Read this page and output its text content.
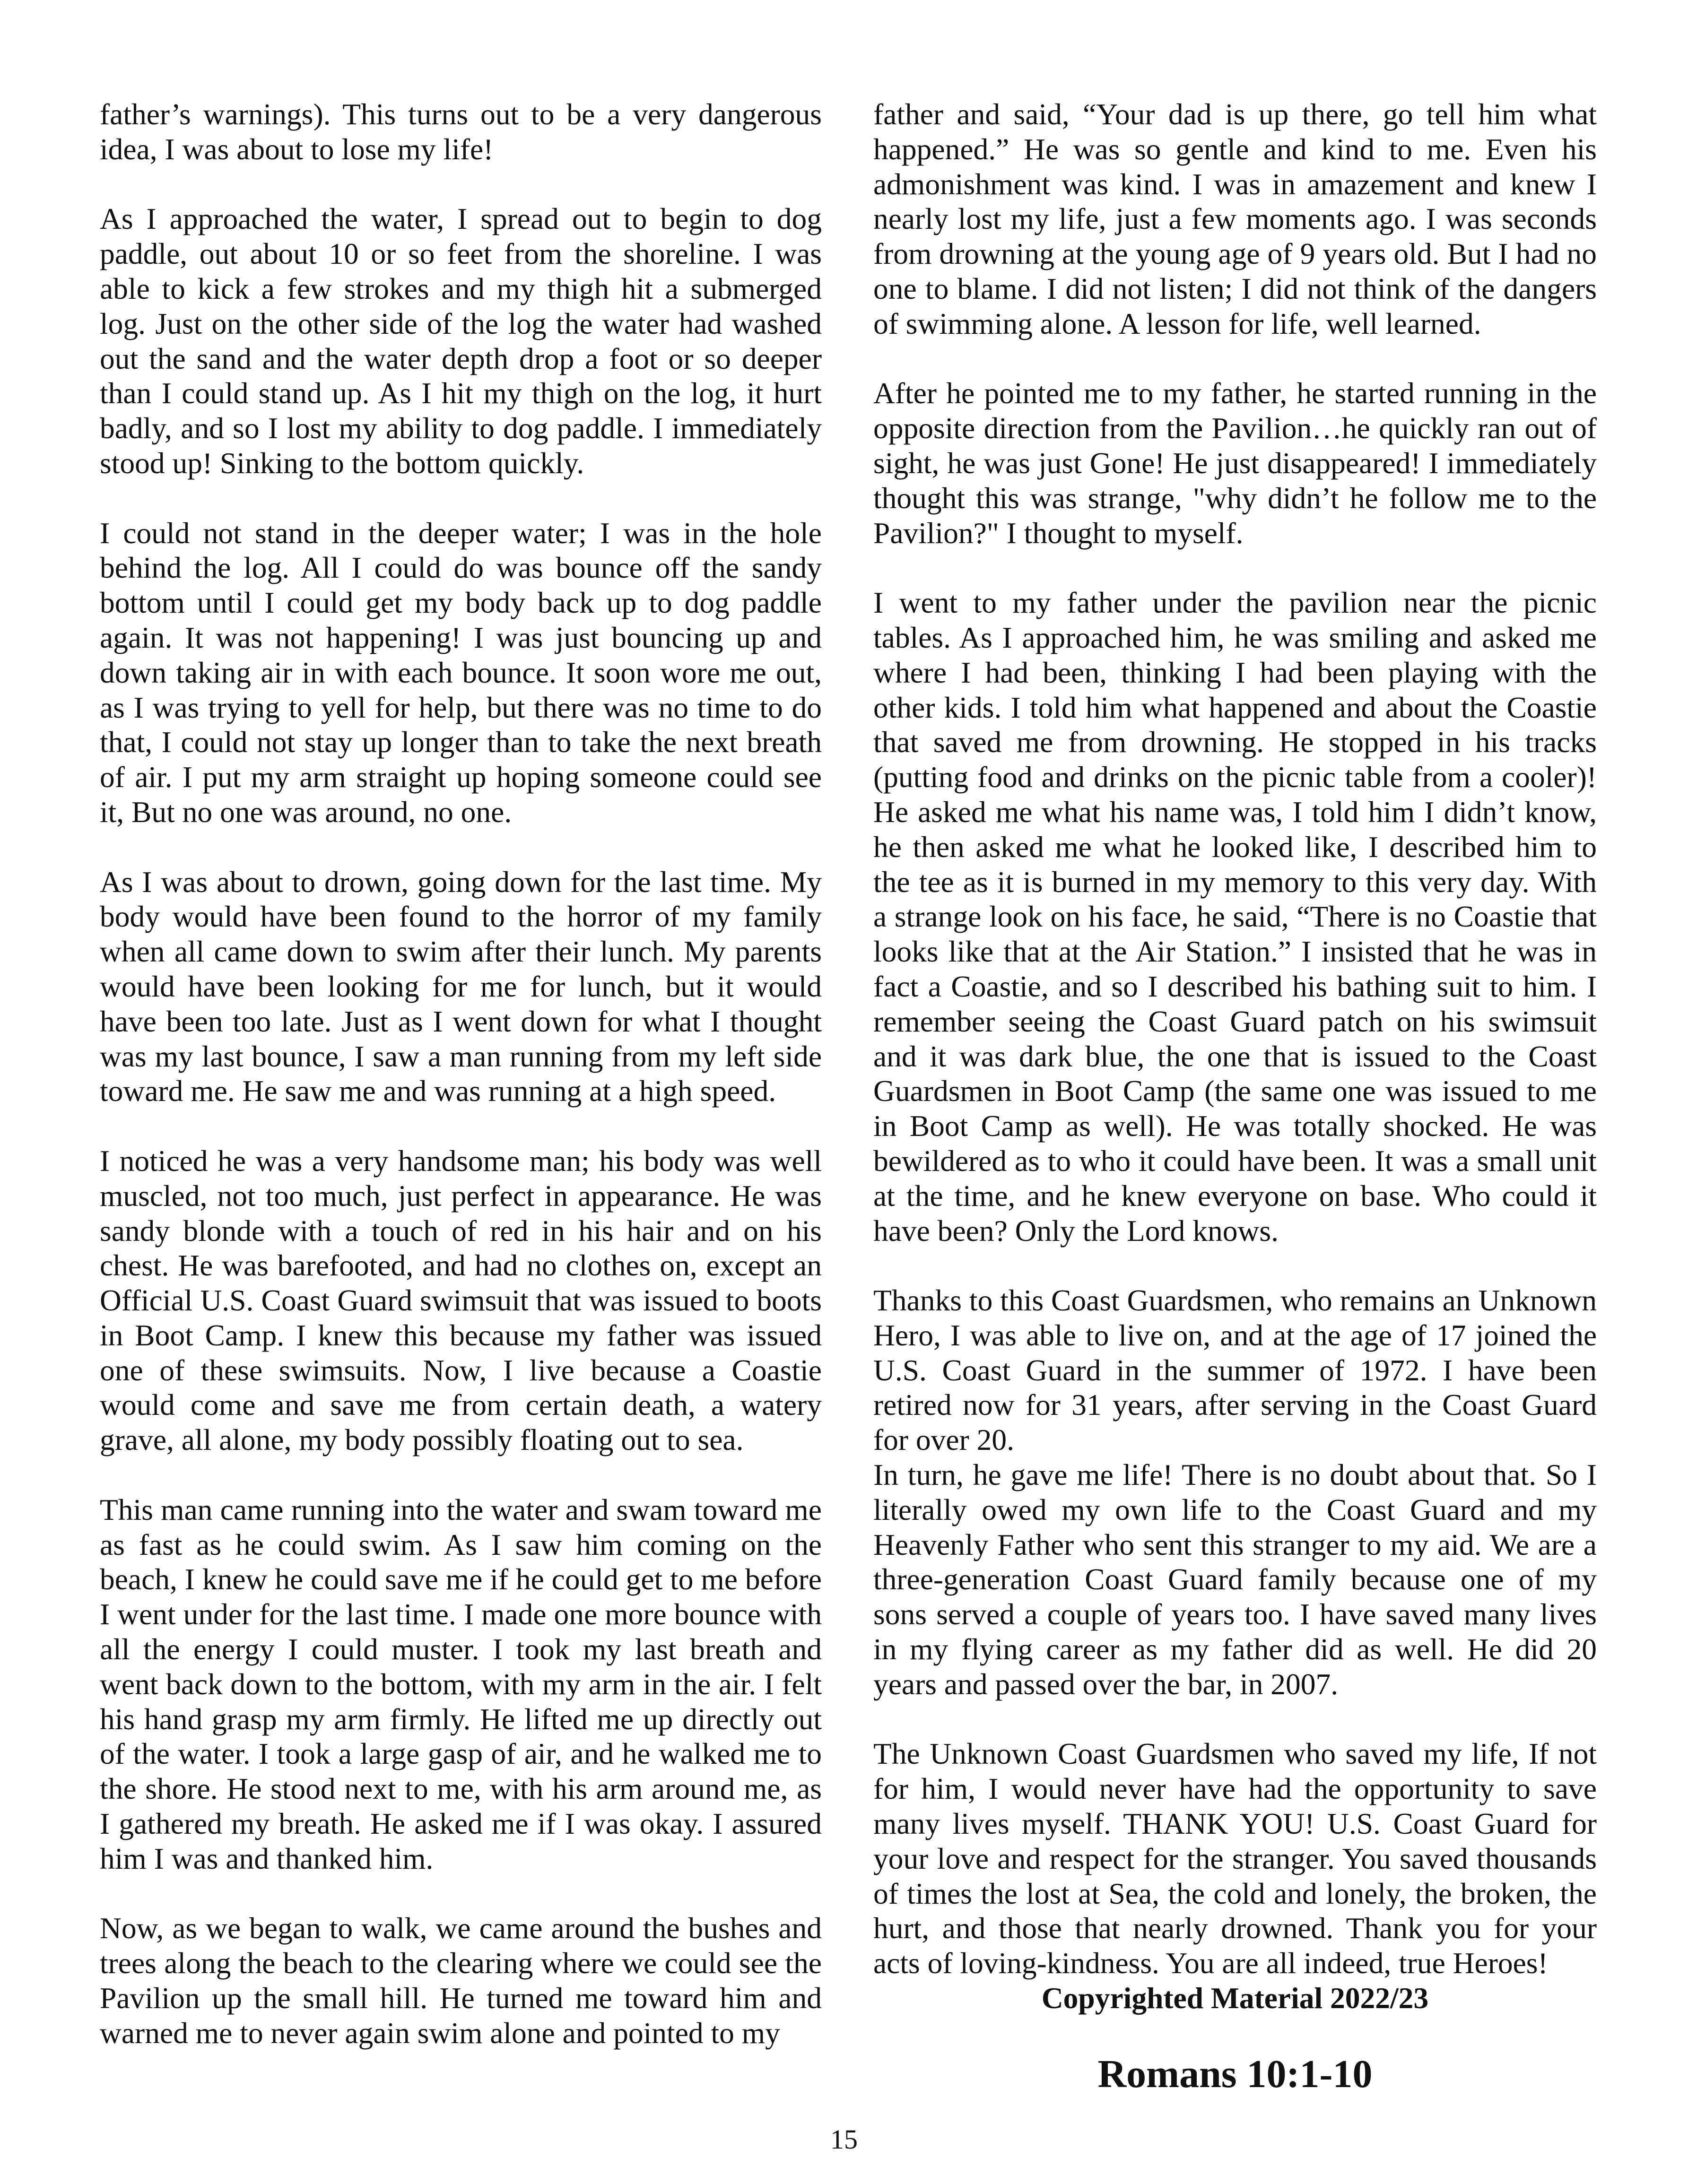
father’s warnings). This turns out to be a very dangerous idea, I was about to lose my life!

As I approached the water, I spread out to begin to dog paddle, out about 10 or so feet from the shoreline. I was able to kick a few strokes and my thigh hit a submerged log. Just on the other side of the log the water had washed out the sand and the water depth drop a foot or so deeper than I could stand up. As I hit my thigh on the log, it hurt badly, and so I lost my ability to dog paddle. I immediately stood up! Sinking to the bottom quickly.

I could not stand in the deeper water; I was in the hole behind the log. All I could do was bounce off the sandy bottom until I could get my body back up to dog paddle again. It was not happening! I was just bouncing up and down taking air in with each bounce. It soon wore me out, as I was trying to yell for help, but there was no time to do that, I could not stay up longer than to take the next breath of air. I put my arm straight up hoping someone could see it, But no one was around, no one.

As I was about to drown, going down for the last time. My body would have been found to the horror of my family when all came down to swim after their lunch. My parents would have been looking for me for lunch, but it would have been too late. Just as I went down for what I thought was my last bounce, I saw a man running from my left side toward me. He saw me and was running at a high speed.

I noticed he was a very handsome man; his body was well muscled, not too much, just perfect in appearance. He was sandy blonde with a touch of red in his hair and on his chest. He was barefooted, and had no clothes on, except an Official U.S. Coast Guard swimsuit that was issued to boots in Boot Camp. I knew this because my father was issued one of these swimsuits. Now, I live because a Coastie would come and save me from certain death, a watery grave, all alone, my body possibly floating out to sea.

This man came running into the water and swam toward me as fast as he could swim. As I saw him coming on the beach, I knew he could save me if he could get to me before I went under for the last time. I made one more bounce with all the energy I could muster. I took my last breath and went back down to the bottom, with my arm in the air. I felt his hand grasp my arm firmly. He lifted me up directly out of the water. I took a large gasp of air, and he walked me to the shore. He stood next to me, with his arm around me, as I gathered my breath. He asked me if I was okay. I assured him I was and thanked him.

Now, as we began to walk, we came around the bushes and trees along the beach to the clearing where we could see the Pavilion up the small hill. He turned me toward him and warned me to never again swim alone and pointed to my

father and said, “Your dad is up there, go tell him what happened.” He was so gentle and kind to me. Even his admonishment was kind. I was in amazement and knew I nearly lost my life, just a few moments ago. I was seconds from drowning at the young age of 9 years old. But I had no one to blame. I did not listen; I did not think of the dangers of swimming alone. A lesson for life, well learned.

After he pointed me to my father, he started running in the opposite direction from the Pavilion…he quickly ran out of sight, he was just Gone! He just disappeared! I immediately thought this was strange, "why didn’t he follow me to the Pavilion?" I thought to myself.

I went to my father under the pavilion near the picnic tables. As I approached him, he was smiling and asked me where I had been, thinking I had been playing with the other kids. I told him what happened and about the Coastie that saved me from drowning. He stopped in his tracks (putting food and drinks on the picnic table from a cooler)! He asked me what his name was, I told him I didn’t know, he then asked me what he looked like, I described him to the tee as it is burned in my memory to this very day. With a strange look on his face, he said, “There is no Coastie that looks like that at the Air Station.” I insisted that he was in fact a Coastie, and so I described his bathing suit to him. I remember seeing the Coast Guard patch on his swimsuit and it was dark blue, the one that is issued to the Coast Guardsmen in Boot Camp (the same one was issued to me in Boot Camp as well). He was totally shocked. He was bewildered as to who it could have been. It was a small unit at the time, and he knew everyone on base. Who could it have been? Only the Lord knows.

Thanks to this Coast Guardsmen, who remains an Unknown Hero, I was able to live on, and at the age of 17 joined the U.S. Coast Guard in the summer of 1972. I have been retired now for 31 years, after serving in the Coast Guard for over 20.

In turn, he gave me life! There is no doubt about that. So I literally owed my own life to the Coast Guard and my Heavenly Father who sent this stranger to my aid. We are a three-generation Coast Guard family because one of my sons served a couple of years too. I have saved many lives in my flying career as my father did as well. He did 20 years and passed over the bar, in 2007.

The Unknown Coast Guardsmen who saved my life, If not for him, I would never have had the opportunity to save many lives myself. THANK YOU! U.S. Coast Guard for your love and respect for the stranger. You saved thousands of times the lost at Sea, the cold and lonely, the broken, the hurt, and those that nearly drowned. Thank you for your acts of loving-kindness. You are all indeed, true Heroes!

Copyrighted Material 2022/23

Romans 10:1-10

15
